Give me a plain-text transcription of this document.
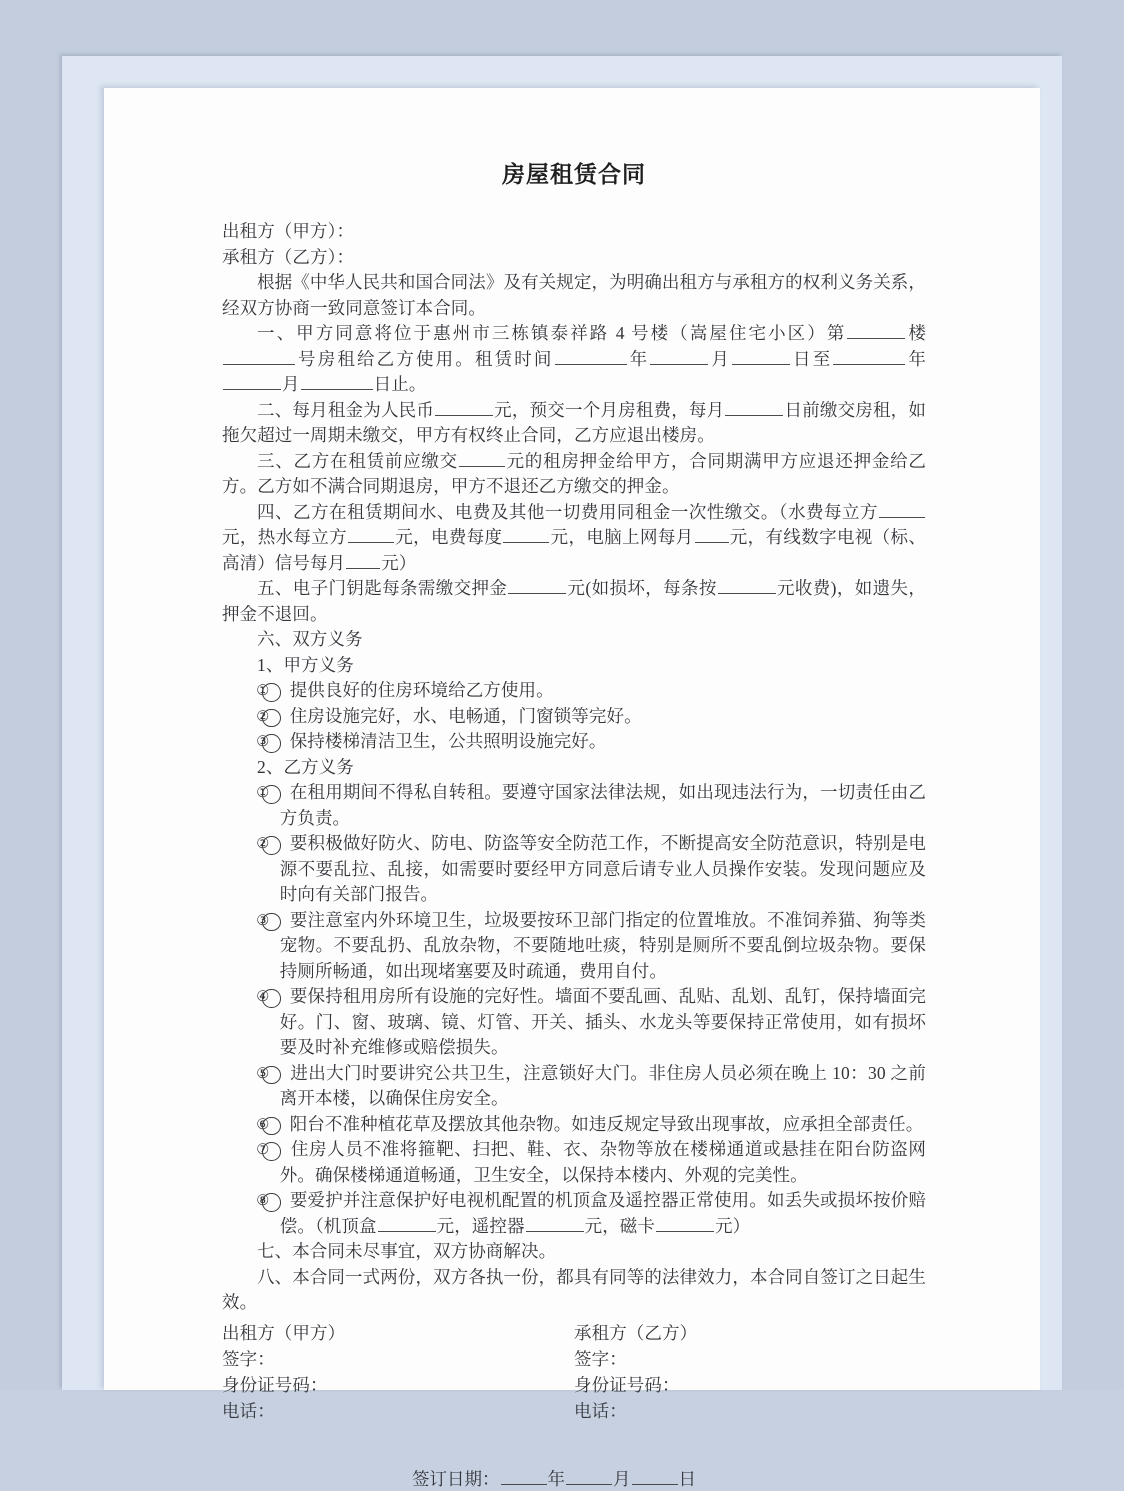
房屋租赁合同

出租方（甲方）：

承租方（乙方）：

根据《中华人民共和国合同法》及有关规定，为明确出租方与承租方的权利义务关系，经双方协商一致同意签订本合同。

一、甲方同意将位于惠州市三栋镇泰祥路 4 号楼（嵩屋住宅小区）第	楼号房租给乙方使用。租赁时间	年	月	日至	年月	日止。

二、每月租金为人民币	元，预交一个月房租费，每月	日前缴交房租，如拖欠超过一周期未缴交，甲方有权终止合同，乙方应退出楼房。

三、乙方在租赁前应缴交	元的租房押金给甲方，合同期满甲方应退还押金给乙方。乙方如不满合同期退房，甲方不退还乙方缴交的押金。

四、乙方在租赁期间水、电费及其他一切费用同租金一次性缴交。（水费每立方元，热水每立方	元，电费每度	元，电脑上网每月 元，有线数字电视（标、高清）信号每月 元）

五、电子门钥匙每条需缴交押金	元(如损坏，每条按	元收费)，如遗失，押金不退回。

六、双方义务

1、甲方义务

① 提供良好的住房环境给乙方使用。

② 住房设施完好，水、电畅通，门窗锁等完好。

③ 保持楼梯清洁卫生，公共照明设施完好。

2、乙方义务

① 在租用期间不得私自转租。要遵守国家法律法规，如出现违法行为，一切责任由乙方负责。

② 要积极做好防火、防电、防盗等安全防范工作，不断提高安全防范意识，特别是电源不要乱拉、乱接，如需要时要经甲方同意后请专业人员操作安装。发现问题应及时向有关部门报告。

③ 要注意室内外环境卫生，垃圾要按环卫部门指定的位置堆放。不准饲养猫、狗等类宠物。不要乱扔、乱放杂物，不要随地吐痰，特别是厕所不要乱倒垃圾杂物。要保持厕所畅通，如出现堵塞要及时疏通，费用自付。

④ 要保持租用房所有设施的完好性。墙面不要乱画、乱贴、乱划、乱钉，保持墙面完好。门、窗、玻璃、镜、灯管、开关、插头、水龙头等要保持正常使用，如有损坏要及时补充维修或赔偿损失。

⑤ 进出大门时要讲究公共卫生，注意锁好大门。非住房人员必须在晚上 10：30 之前离开本楼，以确保住房安全。

⑥ 阳台不准种植花草及摆放其他杂物。如违反规定导致出现事故，应承担全部责任。

⑦ 住房人员不准将箍靶、扫把、鞋、衣、杂物等放在楼梯通道或悬挂在阳台防盗网外。确保楼梯通道畅通，卫生安全，以保持本楼内、外观的完美性。

⑧ 要爱护并注意保护好电视机配置的机顶盒及遥控器正常使用。如丢失或损坏按价赔偿。（机顶盒	元，遥控器	元，磁卡	元）

七、本合同未尽事宜，双方协商解决。

八、本合同一式两份，双方各执一份，都具有同等的法律效力，本合同自签订之日起生效。

出租方（甲方）

签字：

身份证号码：

电话：

承租方（乙方）

签字：

身份证号码：

电话：

签订日期：	年	月	日
